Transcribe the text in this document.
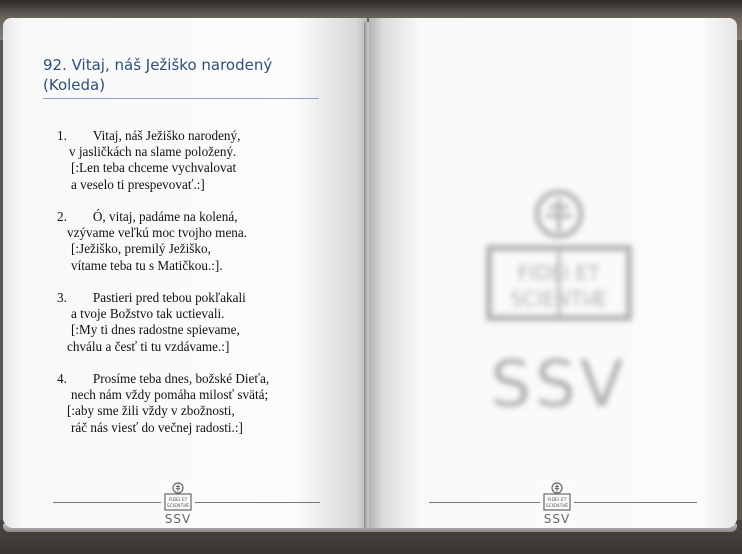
92. Vitaj, náš Ježiško narodený
(Koleda)
1. Vitaj, náš Ježiško narodený,
v jasličkách na slame položený.
[:Len teba chceme vychvalovat
a veselo ti prespevovať.:]
2. Ó, vitaj, padáme na kolená,
vzývame veľkú moc tvojho mena.
[:Ježiško, premilý Ježiško,
vítame teba tu s Matičkou.:].
3. Pastieri pred tebou pokľakali
a tvoje Božstvo tak uctievali.
[:My ti dnes radostne spievame,
chválu a česť ti tu vzdávame.:]
4. Prosíme teba dnes, božské Dieťa,
nech nám vždy pomáha milosť svätá;
[:aby sme žili vždy v zbožnosti,
ráč nás viesť do večnej radosti.:]
FIDEI ET
SCIENTIÆ
SSV
FIDEI ET
SCIENTIÆ
SSV
FIDEI ET
SCIENTIÆ
SSV
